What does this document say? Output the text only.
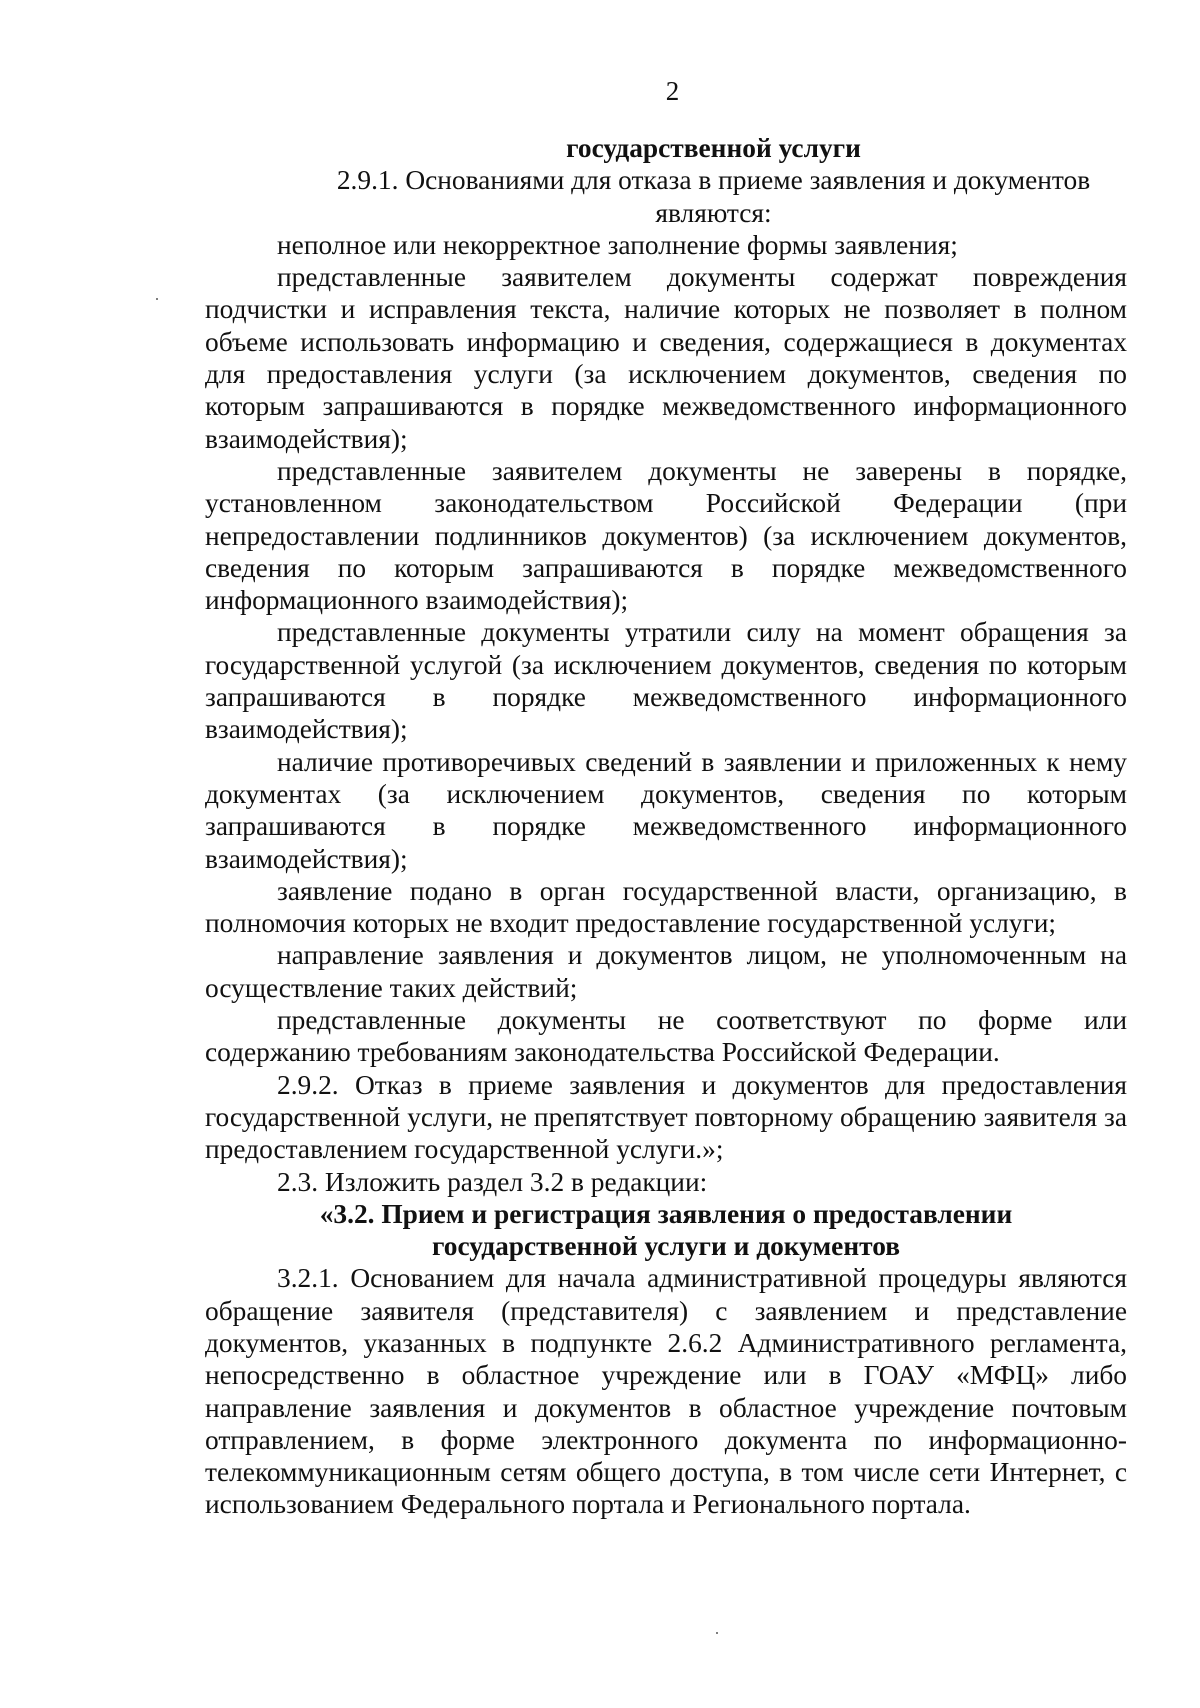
2

государственной услуги

2.9.1. Основаниями для отказа в приеме заявления и документов
являются:

неполное или некорректное заполнение формы заявления;

представленные заявителем документы содержат повреждения подчистки и исправления текста, наличие которых не позволяет в полном объеме использовать информацию и сведения, содержащиеся в документах для предоставления услуги (за исключением документов, сведения по которым запрашиваются в порядке межведомственного информационного взаимодействия);

представленные заявителем документы не заверены в порядке, установленном законодательством Российской Федерации (при непредоставлении подлинников документов) (за исключением документов, сведения по которым запрашиваются в порядке межведомственного информационного взаимодействия);

представленные документы утратили силу на момент обращения за государственной услугой (за исключением документов, сведения по которым запрашиваются в порядке межведомственного информационного взаимодействия);

наличие противоречивых сведений в заявлении и приложенных к нему документах (за исключением документов, сведения по которым запрашиваются в порядке межведомственного информационного взаимодействия);

заявление подано в орган государственной власти, организацию, в полномочия которых не входит предоставление государственной услуги;

направление заявления и документов лицом, не уполномоченным на осуществление таких действий;

представленные документы не соответствуют по форме или содержанию требованиям законодательства Российской Федерации.

2.9.2. Отказ в приеме заявления и документов для предоставления государственной услуги, не препятствует повторному обращению заявителя за предоставлением государственной услуги.»;

2.3. Изложить раздел 3.2 в редакции:

«3.2. Прием и регистрация заявления о предоставлении
государственной услуги и документов

3.2.1. Основанием для начала административной процедуры являются обращение заявителя (представителя) с заявлением и представление документов, указанных в подпункте 2.6.2 Административного регламента, непосредственно в областное учреждение или в ГОАУ «МФЦ» либо направление заявления и документов в областное учреждение почтовым отправлением, в форме электронного документа по информационно-телекоммуникационным сетям общего доступа, в том числе сети Интернет, с использованием Федерального портала и Регионального портала.
